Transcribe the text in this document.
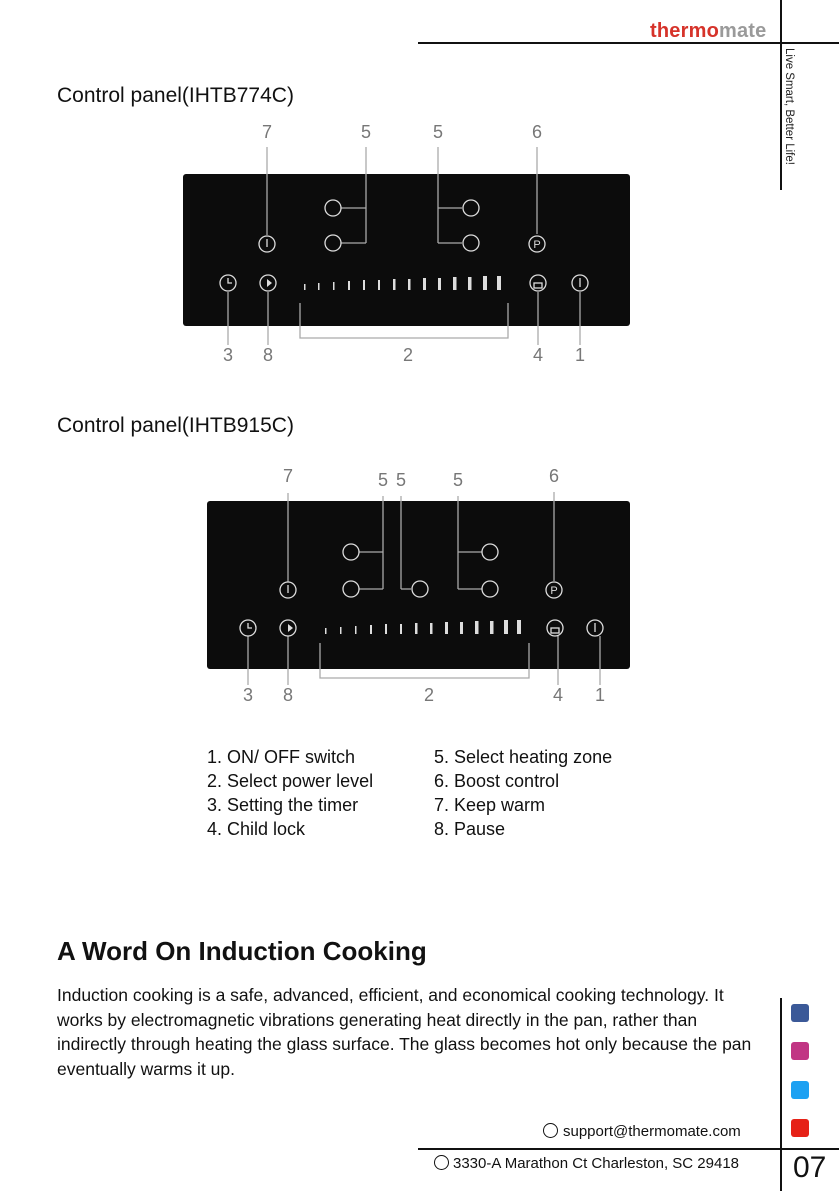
thermomate
Live Smart, Better Life!
Control panel(IHTB774C)
7	5	5	6
3 8	2	4 1
P
Control panel(IHTB915C)
7	5 5	5	6
3 8	2	4 1
P
1. ON/ OFF switch
2. Select power level
3. Setting the timer
4. Child lock
5. Select heating zone
6. Boost control
7. Keep warm
8. Pause
A Word On Induction Cooking
Induction cooking is a safe, advanced, efficient, and economical cooking technology. It works by electromagnetic vibrations generating heat directly in the pan, rather than indirectly through heating the glass surface. The glass becomes hot only because the pan eventually warms it up.
support@thermomate.com
3330-A Marathon Ct Charleston, SC 29418 07
